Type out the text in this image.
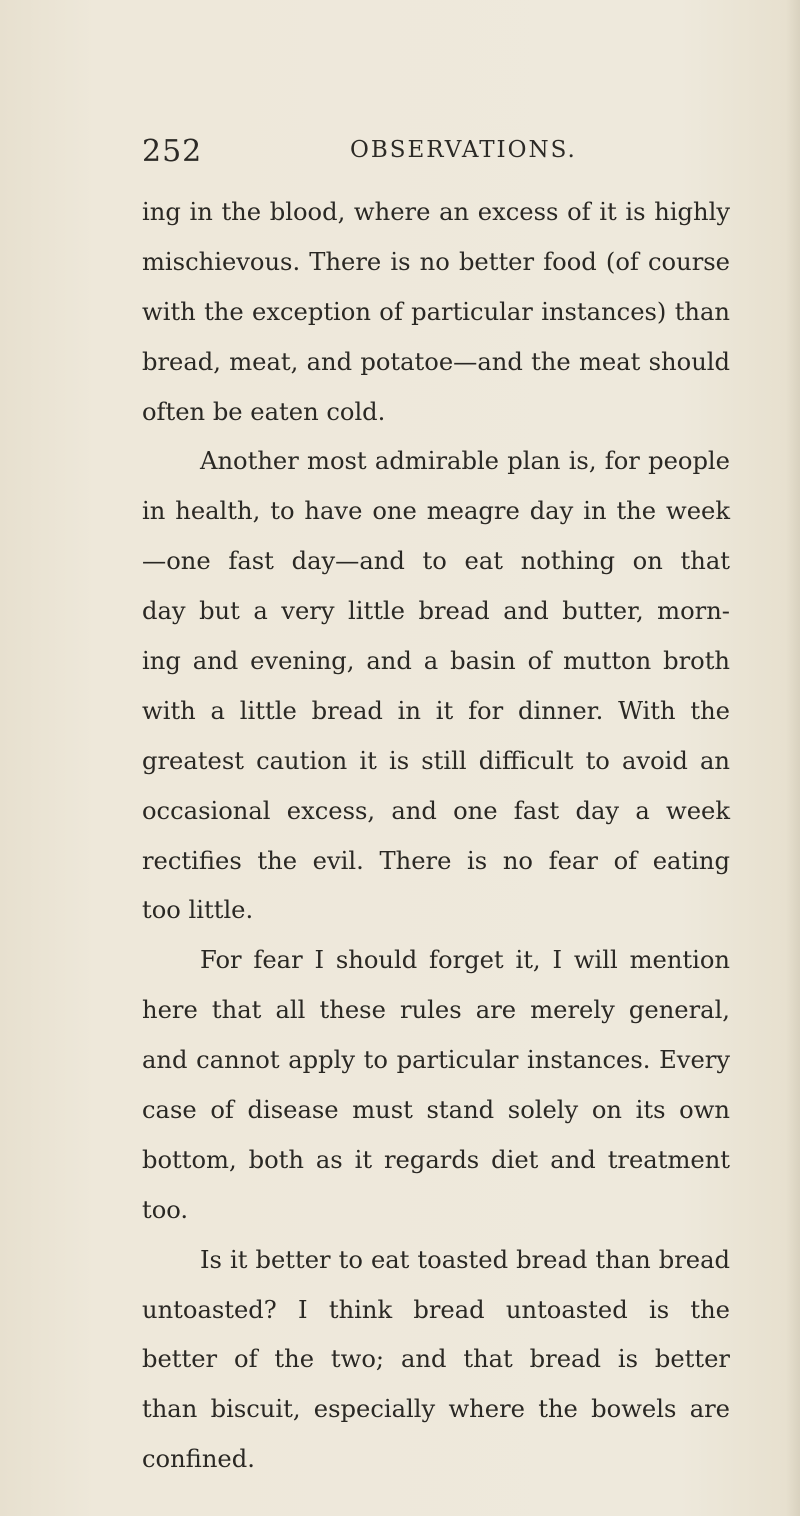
252	OBSERVATIONS.
ing in the blood, where an excess of it is highly
mischievous. There is no better food (of course
with the exception of particular instances) than
bread, meat, and potatoe—and the meat should
often be eaten cold.
Another most admirable plan is, for people
in health, to have one meagre day in the week
—one fast day—and to eat nothing on that
day but a very little bread and butter, morn-
ing and evening, and a basin of mutton broth
with a little bread in it for dinner. With the
greatest caution it is still difficult to avoid an
occasional excess, and one fast day a week
rectifies the evil. There is no fear of eating
too little.
For fear I should forget it, I will mention
here that all these rules are merely general,
and cannot apply to particular instances. Every
case of disease must stand solely on its own
bottom, both as it regards diet and treatment
too.
Is it better to eat toasted bread than bread
untoasted? I think bread untoasted is the
better of the two; and that bread is better
than biscuit, especially where the bowels are
confined.
